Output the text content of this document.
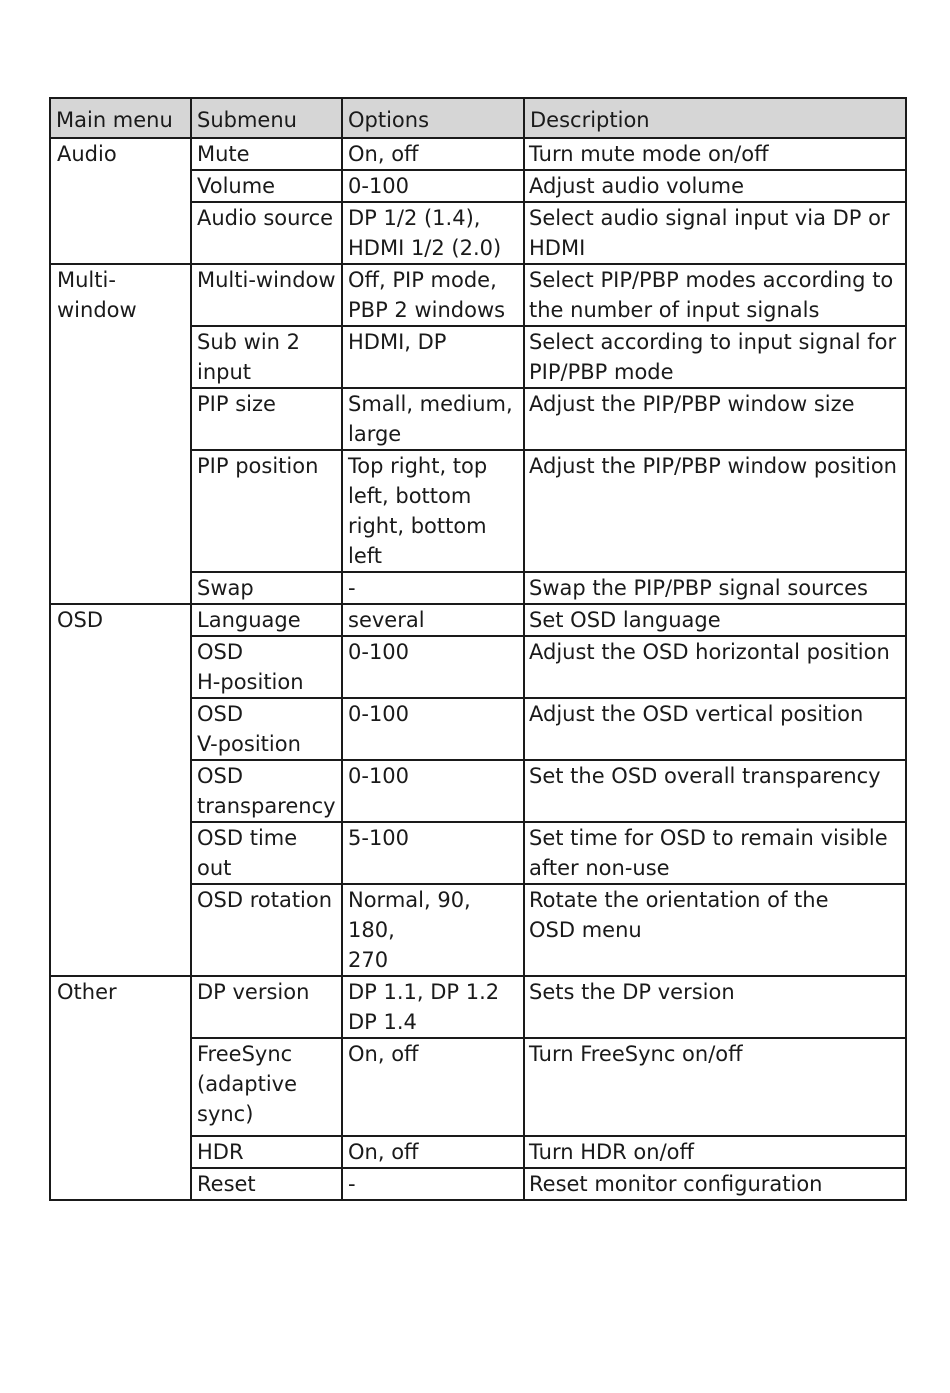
Main menu	Submenu	Options	Description

Audio	Mute	On, off	Turn mute mode on/off

	Volume	0-100	Adjust audio volume

	Audio source	DP 1/2 (1.4),
HDMI 1/2 (2.0)	Select audio signal input via DP or
HDMI

Multi-
window	Multi-window	Off, PIP mode,
PBP 2 windows	Select PIP/PBP modes according to
the number of input signals

	Sub win 2
input	HDMI, DP	Select according to input signal for
PIP/PBP mode

	PIP size	Small, medium,
large	Adjust the PIP/PBP window size

	PIP position	Top right, top
left, bottom
right, bottom left	Adjust the PIP/PBP window position

	Swap	-	Swap the PIP/PBP signal sources

OSD	Language	several	Set OSD language

	OSD
H-position	0-100	Adjust the OSD horizontal position

	OSD
V-position	0-100	Adjust the OSD vertical position

	OSD
transparency	0-100	Set the OSD overall transparency

	OSD time out	5-100	Set time for OSD to remain visible
after non-use

	OSD rotation	Normal, 90, 180,
270	Rotate the orientation of the
OSD menu

Other	DP version	DP 1.1, DP 1.2
DP 1.4	Sets the DP version

	FreeSync
(adaptive
sync)	On, off	Turn FreeSync on/off

	HDR	On, off	Turn HDR on/off

	Reset	-	Reset monitor configuration
